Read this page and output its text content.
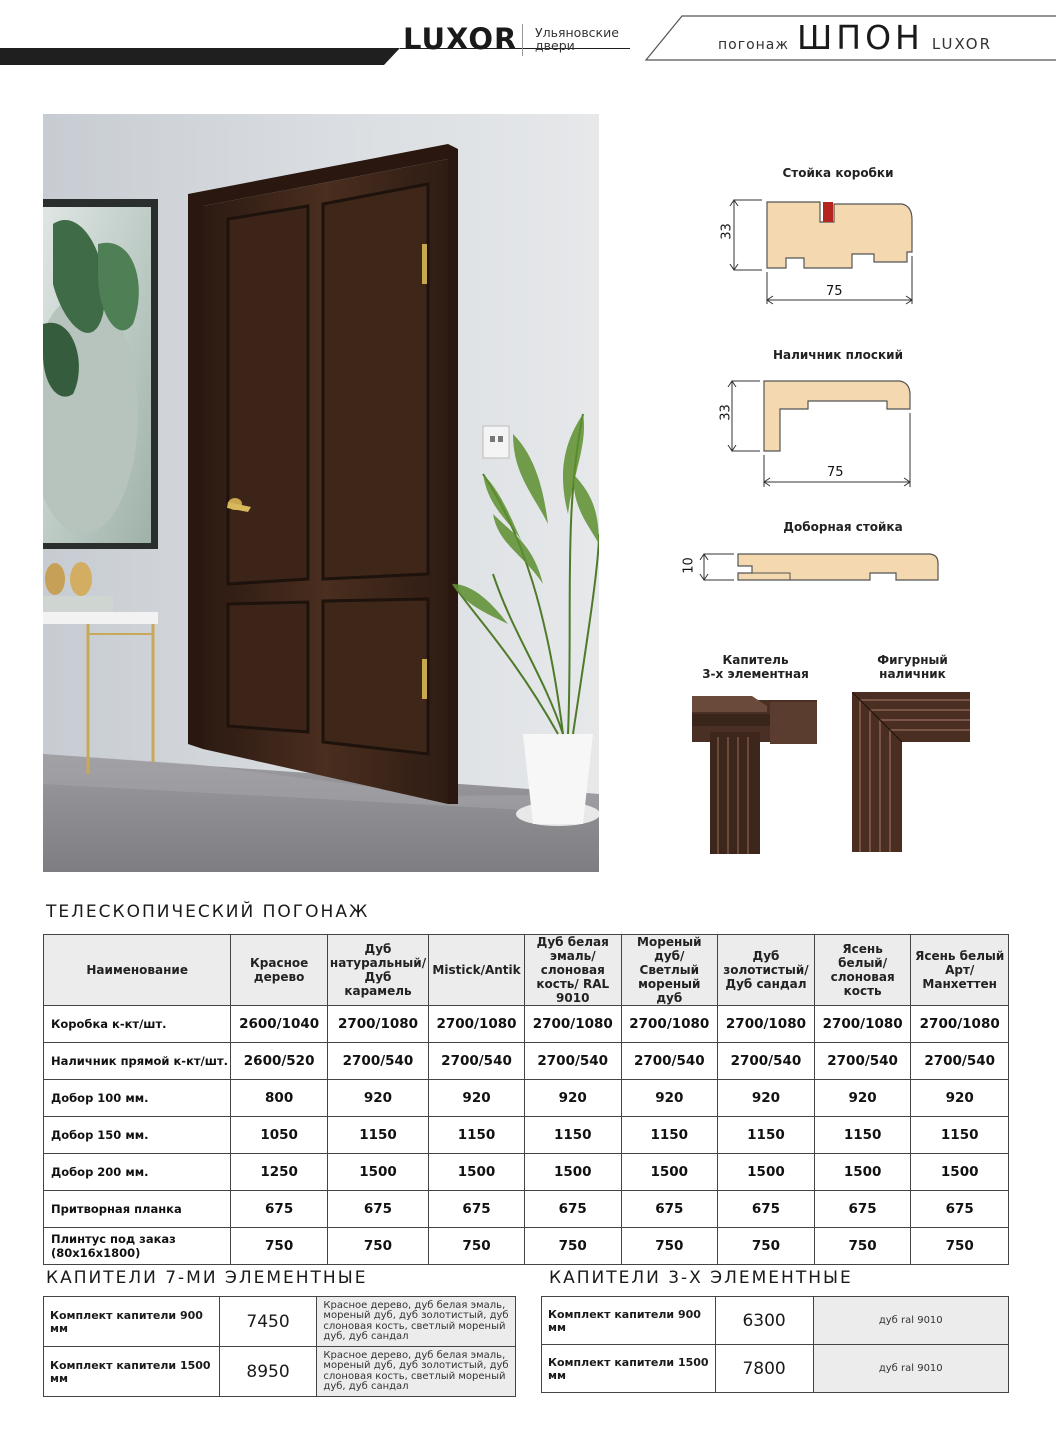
LUXOR Ульяновские двери	погонаж ШПОН LUXOR
Стойка коробки
33
75
Наличник плоский
33
75
Доборная стойка
10
Капитель
3-х элементная
Фигурный
наличник
ТЕЛЕСКОПИЧЕСКИЙ ПОГОНАЖ
Наименование	Красное дерево	Дуб натуральный/ Дуб карамель	Mistick/Antik	Дуб белая эмаль/ слоновая кость/ RAL 9010	Мореный дуб/ Светлый мореный дуб	Дуб золотистый/ Дуб сандал	Ясень белый/ слоновая кость	Ясень белый Арт/ Манхеттен
Коробка к-кт/шт.	2600/1040	2700/1080	2700/1080	2700/1080	2700/1080	2700/1080	2700/1080	2700/1080
Наличник прямой к-кт/шт.	2600/520	2700/540	2700/540	2700/540	2700/540	2700/540	2700/540	2700/540
Добор 100 мм.	800	920	920	920	920	920	920	920
Добор 150 мм.	1050	1150	1150	1150	1150	1150	1150	1150
Добор 200 мм.	1250	1500	1500	1500	1500	1500	1500	1500
Притворная планка	675	675	675	675	675	675	675	675
Плинтус под заказ (80х16х1800)	750	750	750	750	750	750	750	750
КАПИТЕЛИ 7-МИ ЭЛЕМЕНТНЫЕ
Комплект капители 900 мм	7450	Красное дерево, дуб белая эмаль, мореный дуб, дуб золотистый, дуб слоновая кость, светлый мореный дуб, дуб сандал
Комплект капители 1500 мм	8950	Красное дерево, дуб белая эмаль, мореный дуб, дуб золотистый, дуб слоновая кость, светлый мореный дуб, дуб сандал
КАПИТЕЛИ 3-Х ЭЛЕМЕНТНЫЕ
Комплект капители 900 мм	6300	дуб ral 9010
Комплект капители 1500 мм	7800	дуб ral 9010
